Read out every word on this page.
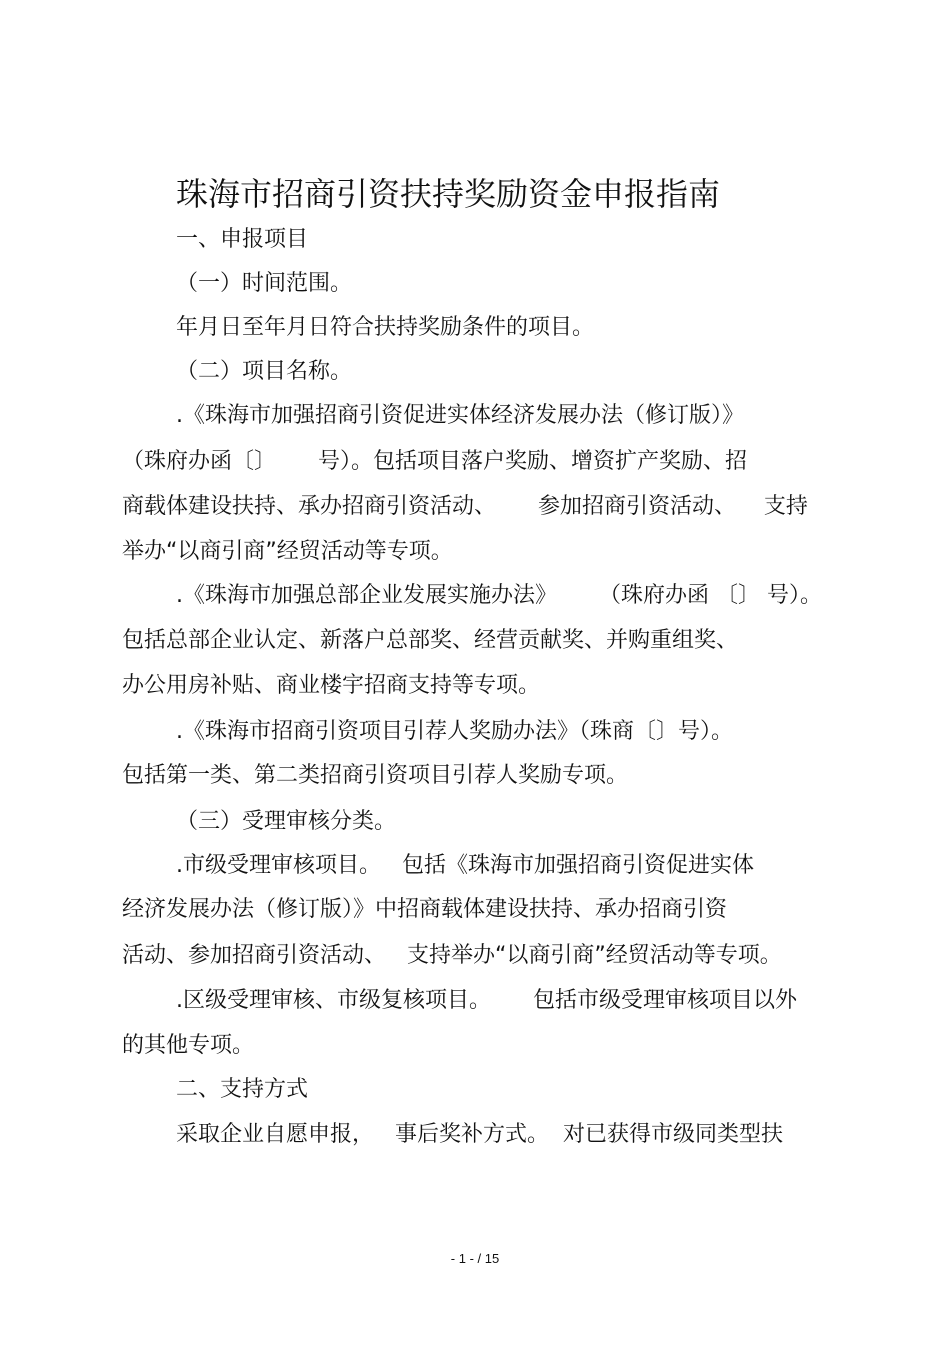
珠海市招商引资扶持奖励资金申报指南
一、申报项目
（一）时间范围。
年月日至年月日符合扶持奖励条件的项目。
（二）项目名称。
.《珠海市加强招商引资促进实体经济发展办法（修订版）》
（珠府办函〔〕      号）。包括项目落户奖励、增资扩产奖励、招
商载体建设扶持、承办招商引资活动、      参加招商引资活动、    支持
举办“以商引商”经贸活动等专项。
.《珠海市加强总部企业发展实施办法》      （珠府办函 〔〕 号）。
包括总部企业认定、新落户总部奖、经营贡献奖、并购重组奖、
办公用房补贴、商业楼宇招商支持等专项。
.《珠海市招商引资项目引荐人奖励办法》（珠商〔〕号）。
包括第一类、第二类招商引资项目引荐人奖励专项。
（三）受理审核分类。
.市级受理审核项目。   包括《珠海市加强招商引资促进实体
经济发展办法（修订版）》中招商载体建设扶持、承办招商引资
活动、参加招商引资活动、   支持举办“以商引商”经贸活动等专项。
.区级受理审核、市级复核项目。      包括市级受理审核项目以外
的其他专项。
二、支持方式
采取企业自愿申报，   事后奖补方式。  对已获得市级同类型扶
- 1 - / 15
